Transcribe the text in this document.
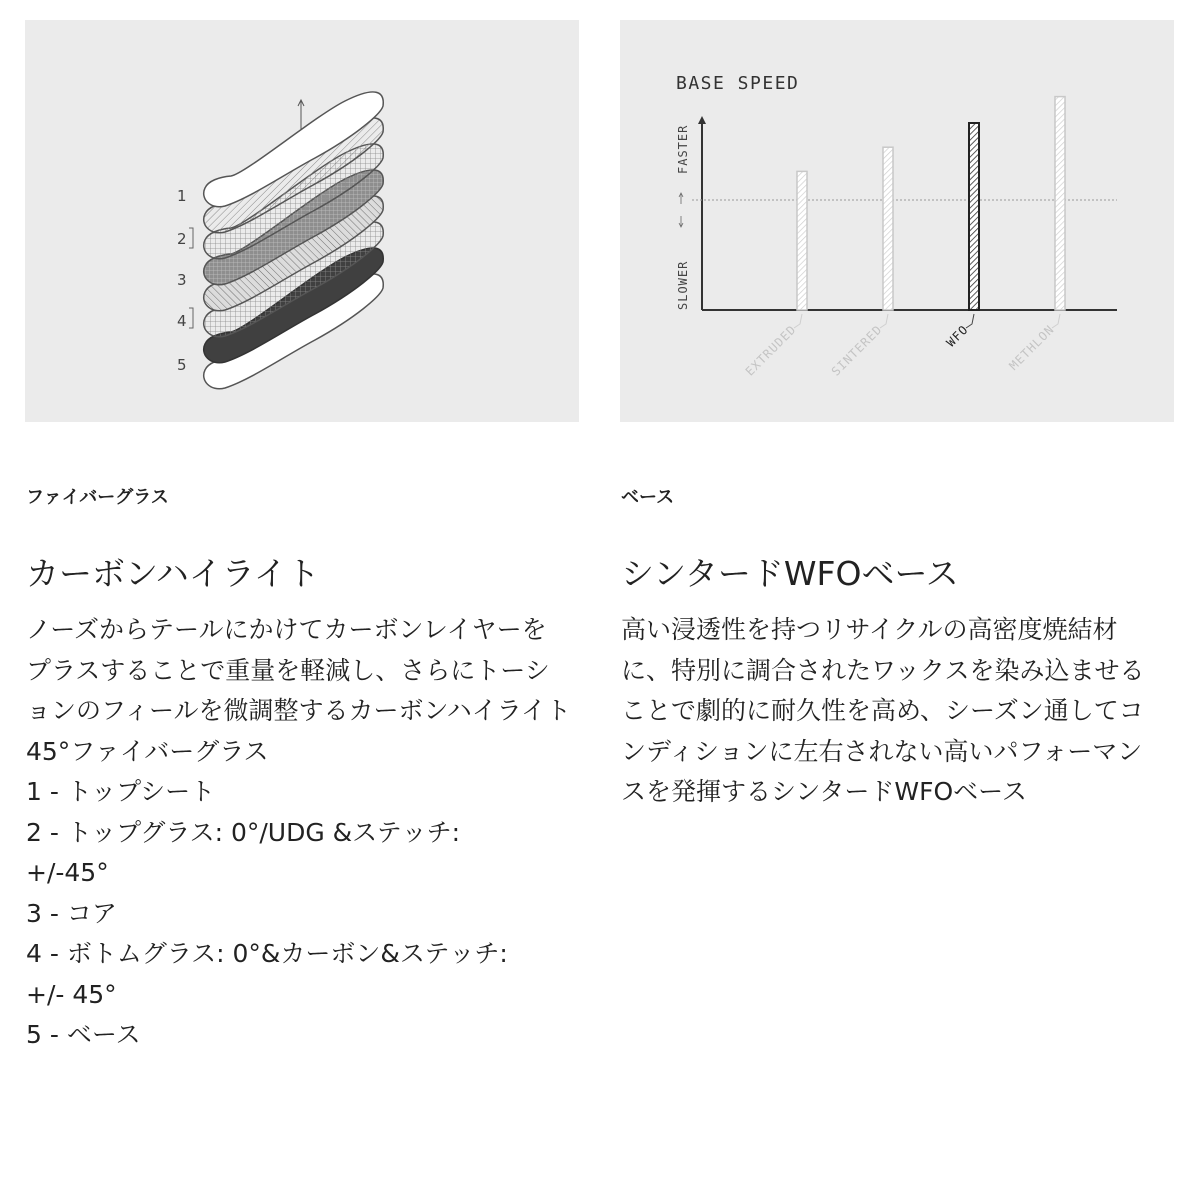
1
2
3
4
5
BASE SPEED
FASTER
SLOWER
EXTRUDED SINTERED	WFO	METHLON

ファイバーグラス

カーボンハイライト

ノーズからテールにかけてカーボンレイヤーをプラスすることで重量を軽減し、さらにトーションのフィールを微調整するカーボンハイライト45°ファイバーグラス

1 - トップシート
2 - トップグラス: 0°/UDG &ステッチ: +/-45°
3 - コア
4 - ボトムグラス: 0°&カーボン&ステッチ: +/- 45°
5 - ベース

ベース

シンタードWFOベース

高い浸透性を持つリサイクルの高密度焼結材に、特別に調合されたワックスを染み込ませることで劇的に耐久性を高め、シーズン通してコンディションに左右されない高いパフォーマンスを発揮するシンタードWFOベース
